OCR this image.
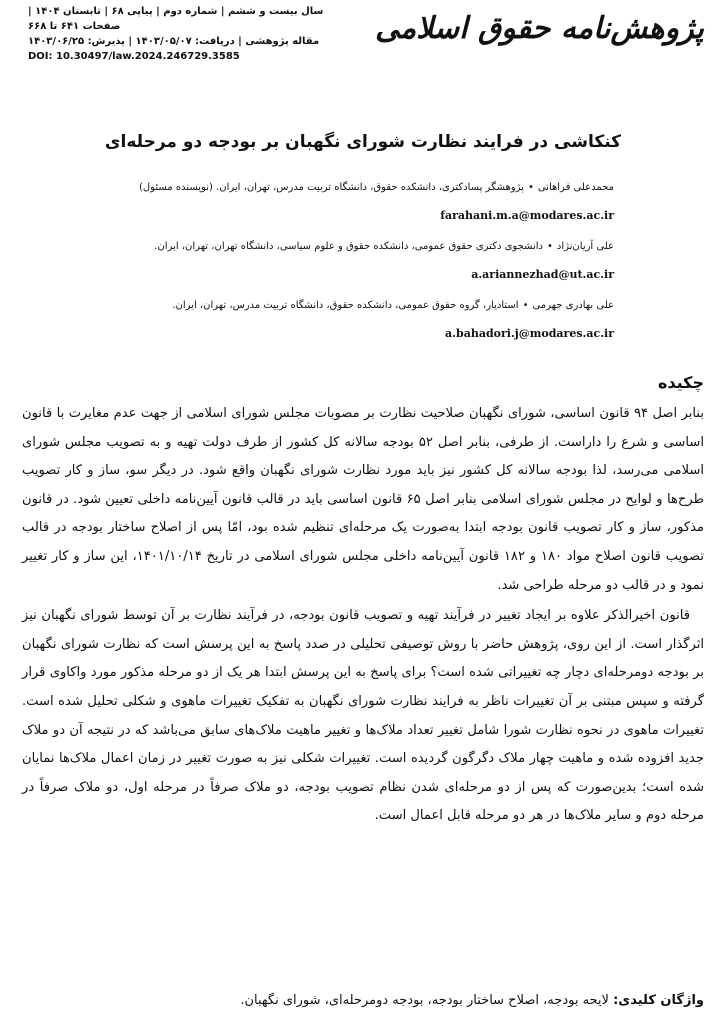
سال بیست و ششم | شماره دوم | پیاپی ۶۸ | تابستان ۱۴۰۴ | صفحات ۶۴۱ تا ۶۶۸
مقاله پژوهشی | دریافت: ۱۴۰۳/۰۵/۰۷ | پذیرش: ۱۴۰۳/۰۶/۲۵
DOI: 10.30497/law.2024.246729.3585
پژوهش‌نامه حقوق اسلامی
کنکاشی در فرایند نظارت شورای نگهبان بر بودجه دو مرحله‌ای
محمدعلی فراهانی•پژوهشگر پسادکتری، دانشکده حقوق، دانشگاه تربیت مدرس، تهران، ایران. (نویسنده مسئول)
farahani.m.a@modares.ac.ir
علی آریان‌نژاد•دانشجوی دکتری حقوق عمومی، دانشکده حقوق و علوم سیاسی، دانشگاه تهران، تهران، ایران.
a.ariannezhad@ut.ac.ir
علی بهادری جهرمی•استادیار، گروه حقوق عمومی، دانشکده حقوق، دانشگاه تربیت مدرس، تهران، ایران.
a.bahadori.j@modares.ac.ir
چکیده

بنابر اصل ۹۴ قانون اساسی، شورای نگهبان صلاحیت نظارت بر مصوبات مجلس شورای اسلامی از جهت عدم مغایرت با قانون اساسی و شرع را داراست. از طرفی، بنابر اصل ۵۲ بودجه سالانه کل کشور از طرف دولت تهیه و به تصویب مجلس شورای اسلامی می‌رسد، لذا بودجه سالانه کل کشور نیز باید مورد نظارت شورای نگهبان واقع شود. در دیگر سو، ساز و کار تصویب طرح‌ها و لوایح در مجلس شورای اسلامی بنابر اصل ۶۵ قانون اساسی باید در قالب قانون آیین‌نامه داخلی تعیین شود. در قانون مذکور، ساز و کار تصویب قانون بودجه ابتدا به‌صورت یک مرحله‌ای تنظیم شده بود، امّا پس از اصلاح ساختار بودجه در قالب تصویب قانون اصلاح مواد ۱۸۰ و ۱۸۲ قانون آیین‌نامه داخلی مجلس شورای اسلامی در تاریخ ۱۴۰۱/۱۰/۱۴، این ساز و کار تغییر نمود و در قالب دو مرحله طراحی شد.

قانون اخیرالذکر علاوه بر ایجاد تغییر در فرآیند تهیه و تصویب قانون بودجه، در فرآیند نظارت بر آن توسط شورای نگهبان نیز اثرگذار است. از این روی، پژوهش حاضر با روش توصیفی تحلیلی در صدد پاسخ به این پرسش است که نظارت شورای نگهبان بر بودجه دومرحله‌ای دچار چه تغییراتی شده است؟ برای پاسخ به این پرسش ابتدا هر یک از دو مرحله مذکور مورد واکاوی قرار گرفته و سپس مبتنی بر آن تغییرات ناظر به فرایند نظارت شورای نگهبان به تفکیک تغییرات ماهوی و شکلی تحلیل شده است. تغییرات ماهوی در نحوه نظارت شورا شامل تغییر تعداد ملاک‌ها و تغییر ماهیت ملاک‌های سابق می‌باشد که در نتیجه آن دو ملاک جدید افزوده شده و ماهیت چهار ملاک دگرگون گردیده است. تغییرات شکلی نیز به صورت تغییر در زمان اعمال ملاک‌ها نمایان شده است؛ بدین‌صورت که پس از دو مرحله‌ای شدن نظام تصویب بودجه، دو ملاک صرفاً در مرحله اول، دو ملاک صرفاً در مرحله دوم و سایر ملاک‌ها در هر دو مرحله قابل اعمال است.

واژگان کلیدی: لایحه بودجه، اصلاح ساختار بودجه، بودجه دومرحله‌ای، شورای نگهبان.
